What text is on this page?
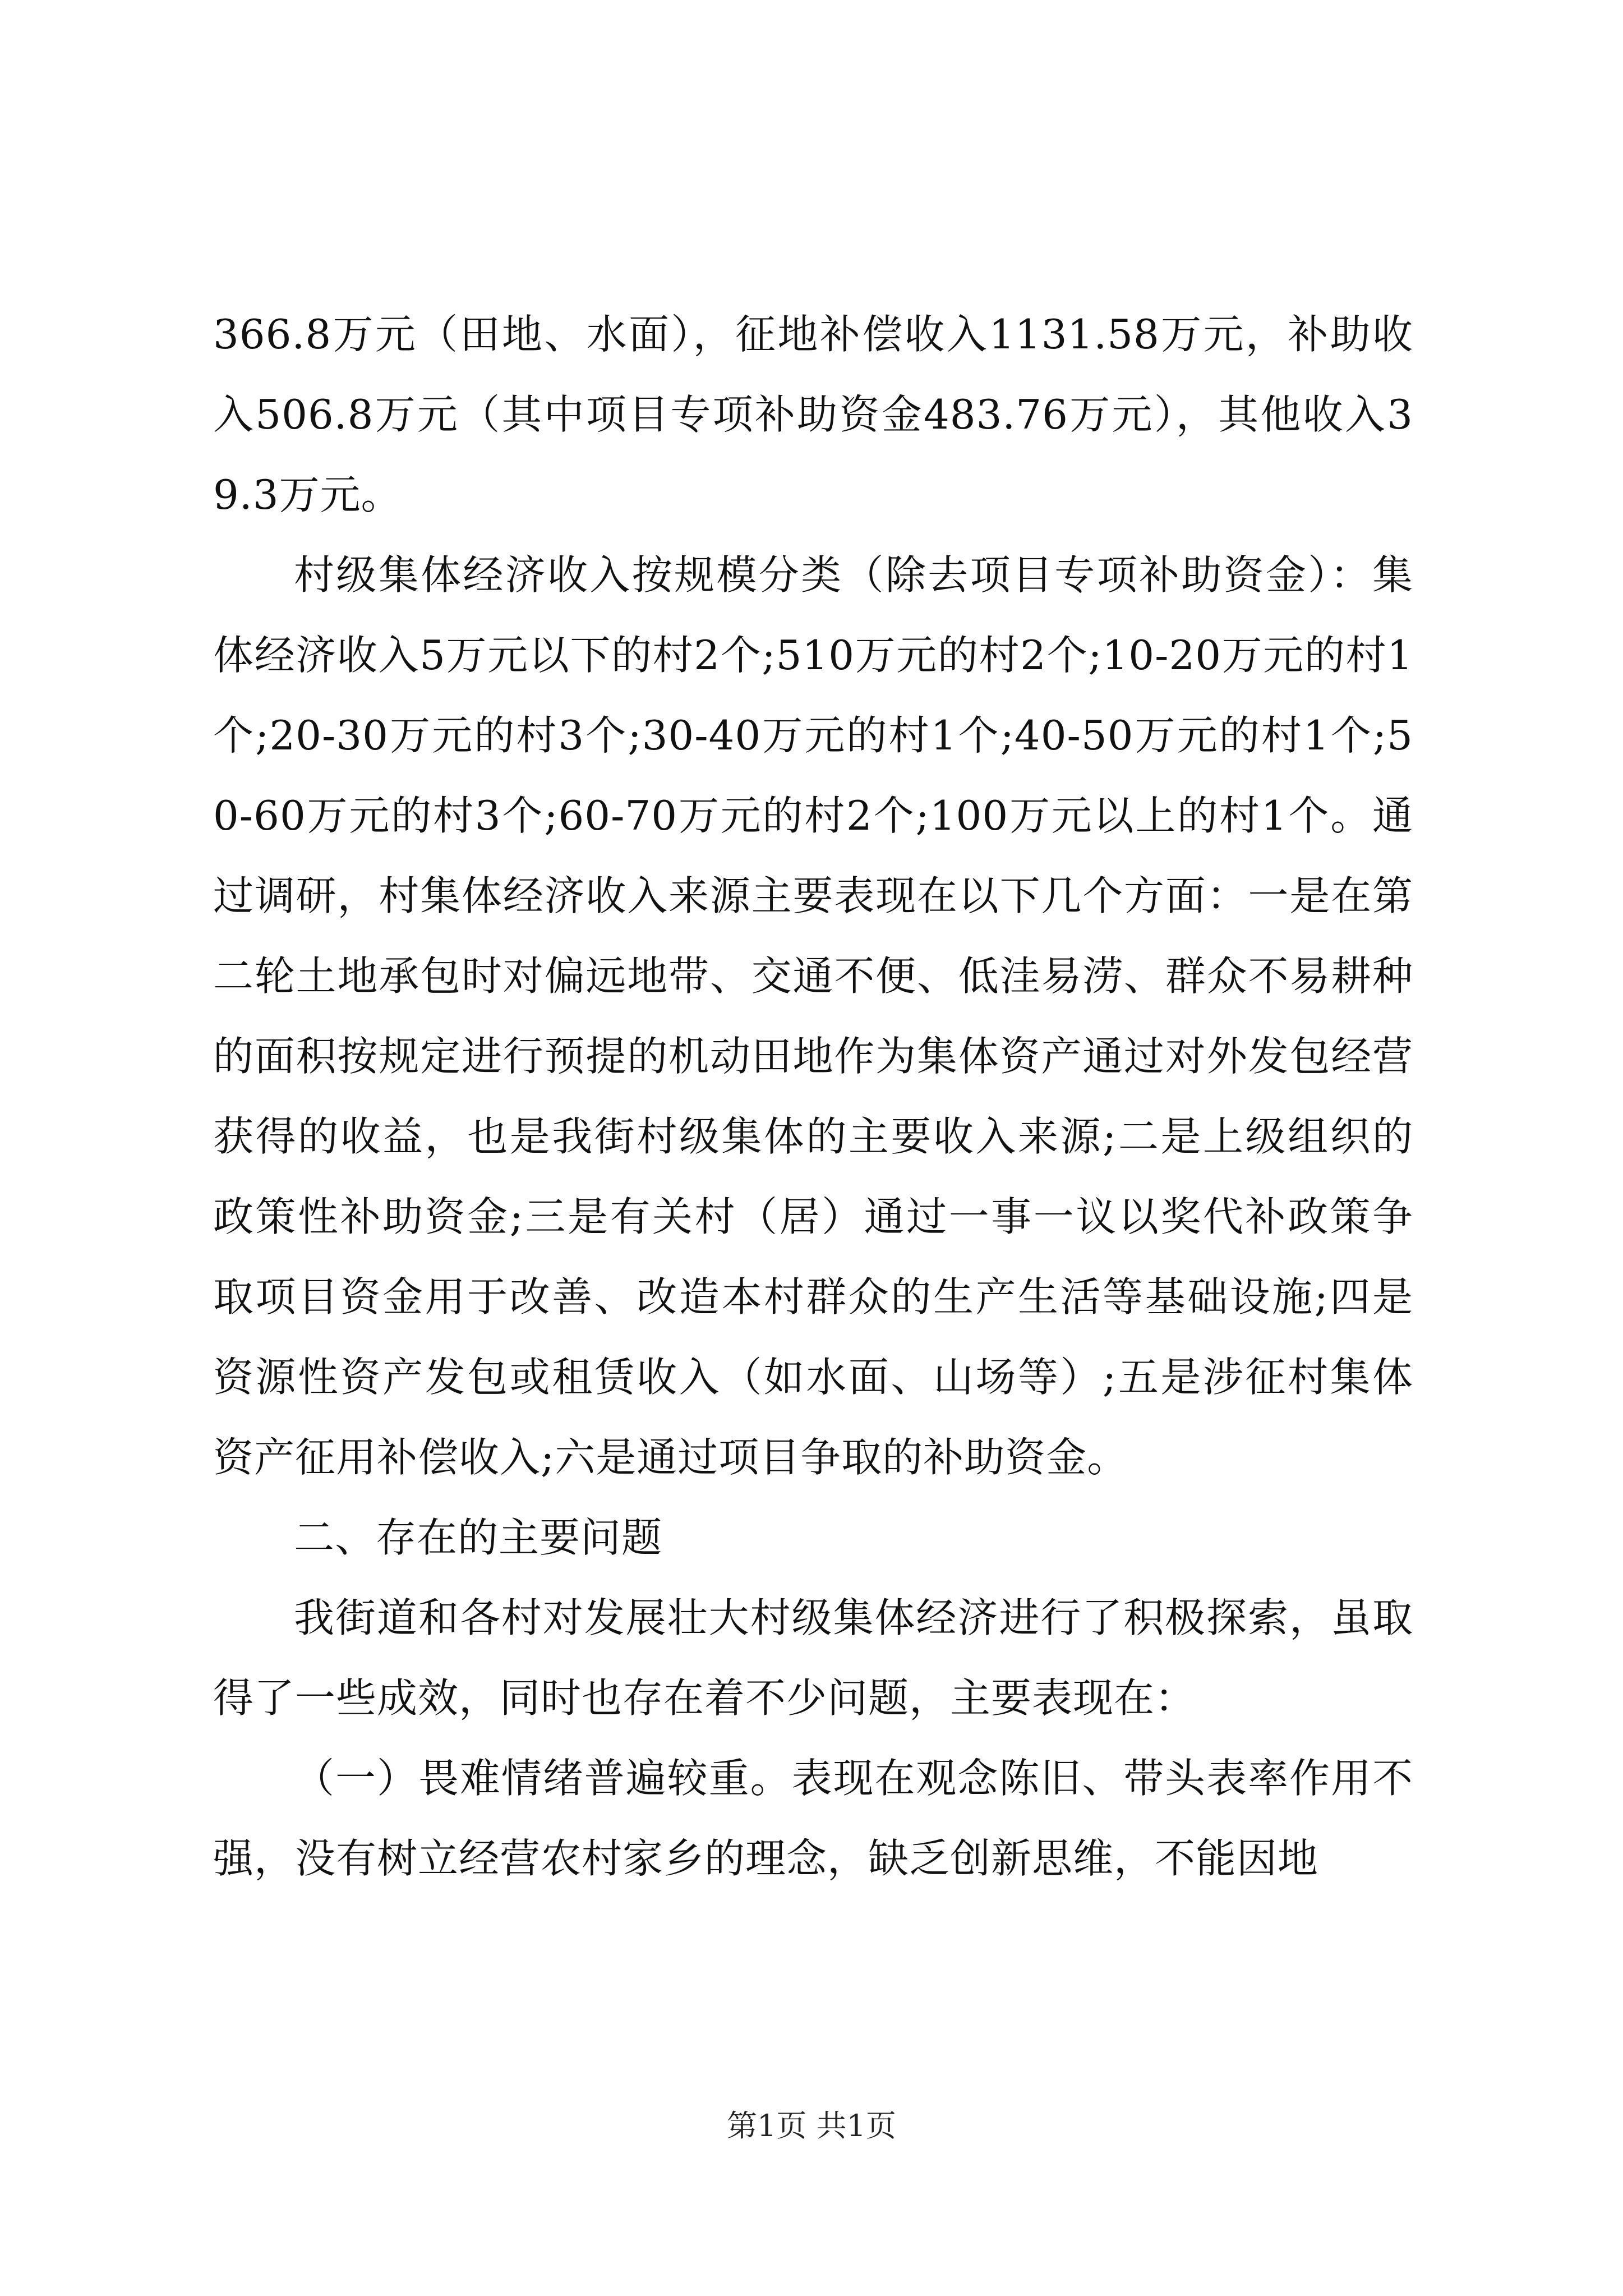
366.8万元（田地、水面），征地补偿收入1131.58万元，补助收入506.8万元（其中项目专项补助资金483.76万元），其他收入39.3万元。

村级集体经济收入按规模分类（除去项目专项补助资金）：集体经济收入5万元以下的村2个;510万元的村2个;10-20万元的村1个;20-30万元的村3个;30-40万元的村1个;40-50万元的村1个;50-60万元的村3个;60-70万元的村2个;100万元以上的村1个。通过调研，村集体经济收入来源主要表现在以下几个方面：一是在第二轮土地承包时对偏远地带、交通不便、低洼易涝、群众不易耕种的面积按规定进行预提的机动田地作为集体资产通过对外发包经营获得的收益，也是我街村级集体的主要收入来源;二是上级组织的政策性补助资金;三是有关村（居）通过一事一议以奖代补政策争取项目资金用于改善、改造本村群众的生产生活等基础设施;四是资源性资产发包或租赁收入（如水面、山场等）;五是涉征村集体资产征用补偿收入;六是通过项目争取的补助资金。

二、存在的主要问题

我街道和各村对发展壮大村级集体经济进行了积极探索，虽取得了一些成效，同时也存在着不少问题，主要表现在：

（一）畏难情绪普遍较重。表现在观念陈旧、带头表率作用不强，没有树立经营农村家乡的理念，缺乏创新思维，不能因地

第1页 共1页
